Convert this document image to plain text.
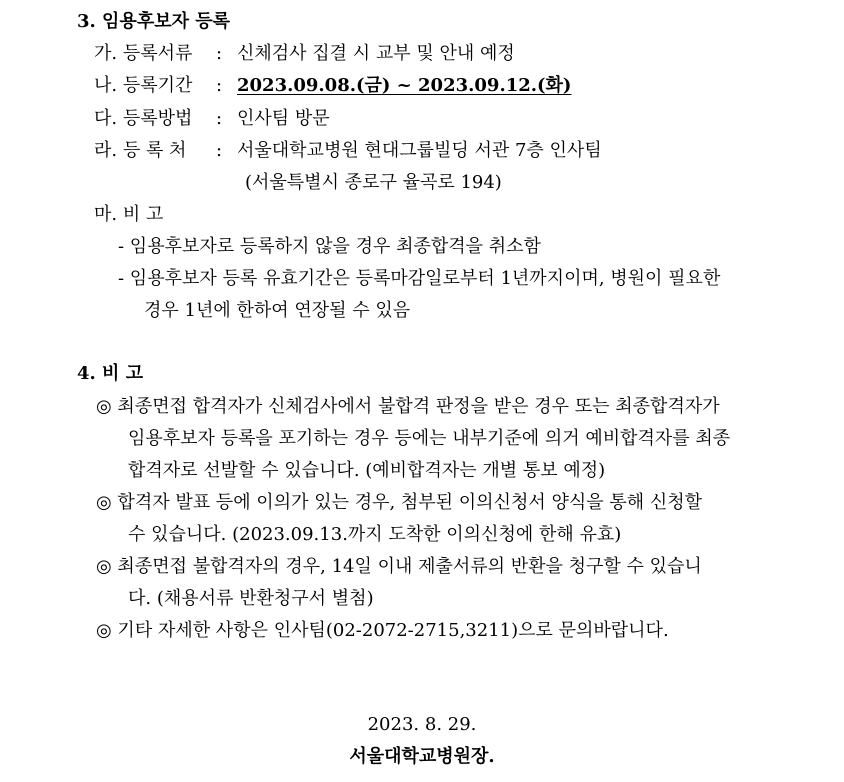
3. 임용후보자 등록
가. 등록서류 : 신체검사 집결 시 교부 및 안내 예정
나. 등록기간 : 2023.09.08.(금) ~ 2023.09.12.(화)
다. 등록방법 : 인사팀 방문
라. 등 록 처 : 서울대학교병원 현대그룹빌딩 서관 7층 인사팀
(서울특별시 종로구 율곡로 194)
마. 비 고
- 임용후보자로 등록하지 않을 경우 최종합격을 취소함
- 임용후보자 등록 유효기간은 등록마감일로부터 1년까지이며, 병원이 필요한
경우 1년에 한하여 연장될 수 있음
4. 비 고
◎ 최종면접 합격자가 신체검사에서 불합격 판정을 받은 경우 또는 최종합격자가
임용후보자 등록을 포기하는 경우 등에는 내부기준에 의거 예비합격자를 최종
합격자로 선발할 수 있습니다. (예비합격자는 개별 통보 예정)
◎ 합격자 발표 등에 이의가 있는 경우, 첨부된 이의신청서 양식을 통해 신청할
수 있습니다. (2023.09.13.까지 도착한 이의신청에 한해 유효)
◎ 최종면접 불합격자의 경우, 14일 이내 제출서류의 반환을 청구할 수 있습니
다. (채용서류 반환청구서 별첨)
◎ 기타 자세한 사항은 인사팀(02-2072-2715,3211)으로 문의바랍니다.
2023. 8. 29.
서울대학교병원장.
